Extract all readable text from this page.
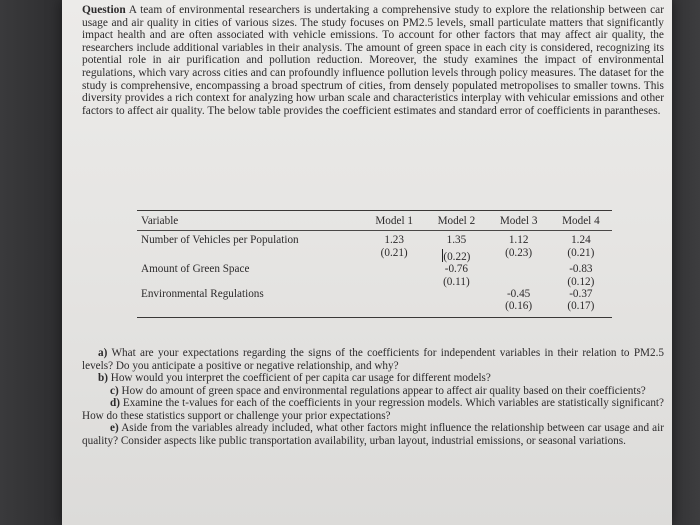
Question A team of environmental researchers is undertaking a comprehensive study to explore the relationship between car usage and air quality in cities of various sizes. The study focuses on PM2.5 levels, small particulate matters that significantly impact health and are often associated with vehicle emissions. To account for other factors that may affect air quality, the researchers include additional variables in their analysis. The amount of green space in each city is considered, recognizing its potential role in air purification and pollution reduction. Moreover, the study examines the impact of environmental regulations, which vary across cities and can profoundly influence pollution levels through policy measures. The dataset for the study is comprehensive, encompassing a broad spectrum of cities, from densely populated metropolises to smaller towns. This diversity provides a rich context for analyzing how urban scale and characteristics interplay with vehicular emissions and other factors to affect air quality. The below table provides the coefficient estimates and standard error of coefficients in parantheses.

Variable	Model 1	Model 2	Model 3	Model 4
Number of Vehicles per Population	1.23	1.35	1.12	1.24
	(0.21)	(0.22)	(0.23)	(0.21)
Amount of Green Space		-0.76		-0.83
		(0.11)		(0.12)
Environmental Regulations			-0.45	-0.37
			(0.16)	(0.17)

a) What are your expectations regarding the signs of the coefficients for independent variables in their relation to PM2.5 levels? Do you anticipate a positive or negative relationship, and why?

b) How would you interpret the coefficient of per capita car usage for different models?

c) How do amount of green space and environmental regulations appear to affect air quality based on their coefficients?

d) Examine the t-values for each of the coefficients in your regression models. Which variables are statistically significant? How do these statistics support or challenge your prior expectations?

e) Aside from the variables already included, what other factors might influence the relationship between car usage and air quality? Consider aspects like public transportation availability, urban layout, industrial emissions, or seasonal variations.
